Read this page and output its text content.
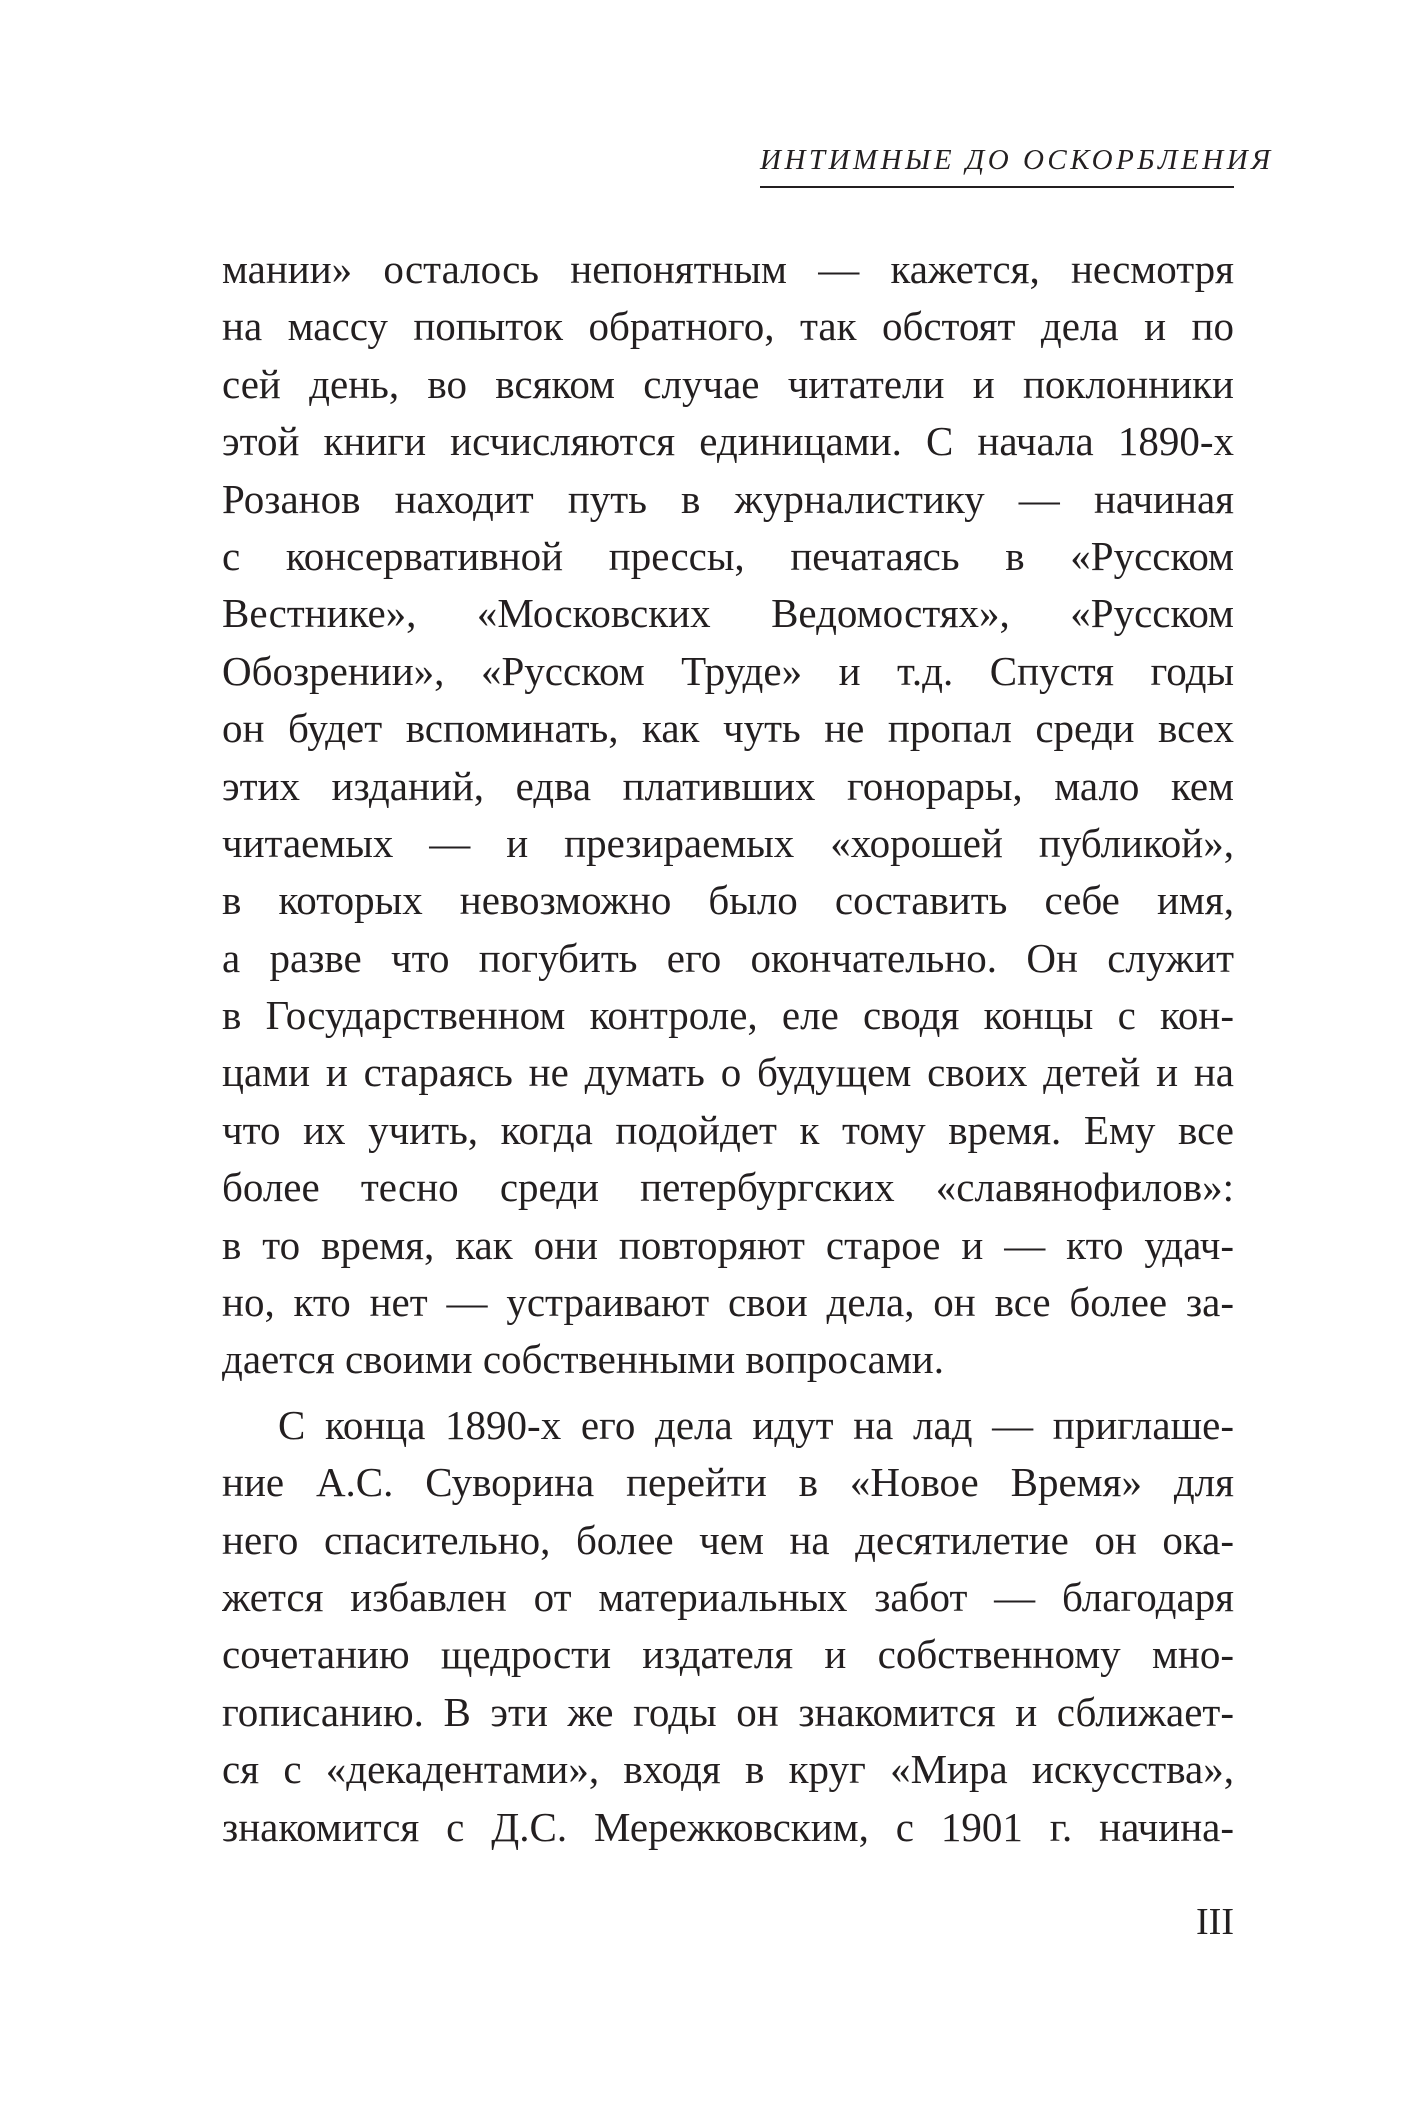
ИНТИМНЫЕ ДО ОСКОРБЛЕНИЯ
мании» осталось непонятным — кажется, несмотря
на массу попыток обратного, так обстоят дела и по
сей день, во всяком случае читатели и поклонники
этой книги исчисляются единицами. С начала 1890-х
Розанов находит путь в журналистику — начиная
с консервативной прессы, печатаясь в «Русском
Вестнике», «Московских Ведомостях», «Русском
Обозрении», «Русском Труде» и т.д. Спустя годы
он будет вспоминать, как чуть не пропал среди всех
этих изданий, едва плативших гонорары, мало кем
читаемых — и презираемых «хорошей публикой»,
в которых невозможно было составить себе имя,
а разве что погубить его окончательно. Он служит
в Государственном контроле, еле сводя концы с кон-
цами и стараясь не думать о будущем своих детей и на
что их учить, когда подойдет к тому время. Ему все
более тесно среди петербургских «славянофилов»:
в то время, как они повторяют старое и — кто удач-
но, кто нет — устраивают свои дела, он все более за-
дается своими собственными вопросами.
С конца 1890-х его дела идут на лад — приглаше-
ние А.С. Суворина перейти в «Новое Время» для
него спасительно, более чем на десятилетие он ока-
жется избавлен от материальных забот — благодаря
сочетанию щедрости издателя и собственному мно-
гописанию. В эти же годы он знакомится и сближает-
ся с «декадентами», входя в круг «Мира искусства»,
знакомится с Д.С. Мережковским, с 1901 г. начина-
III
